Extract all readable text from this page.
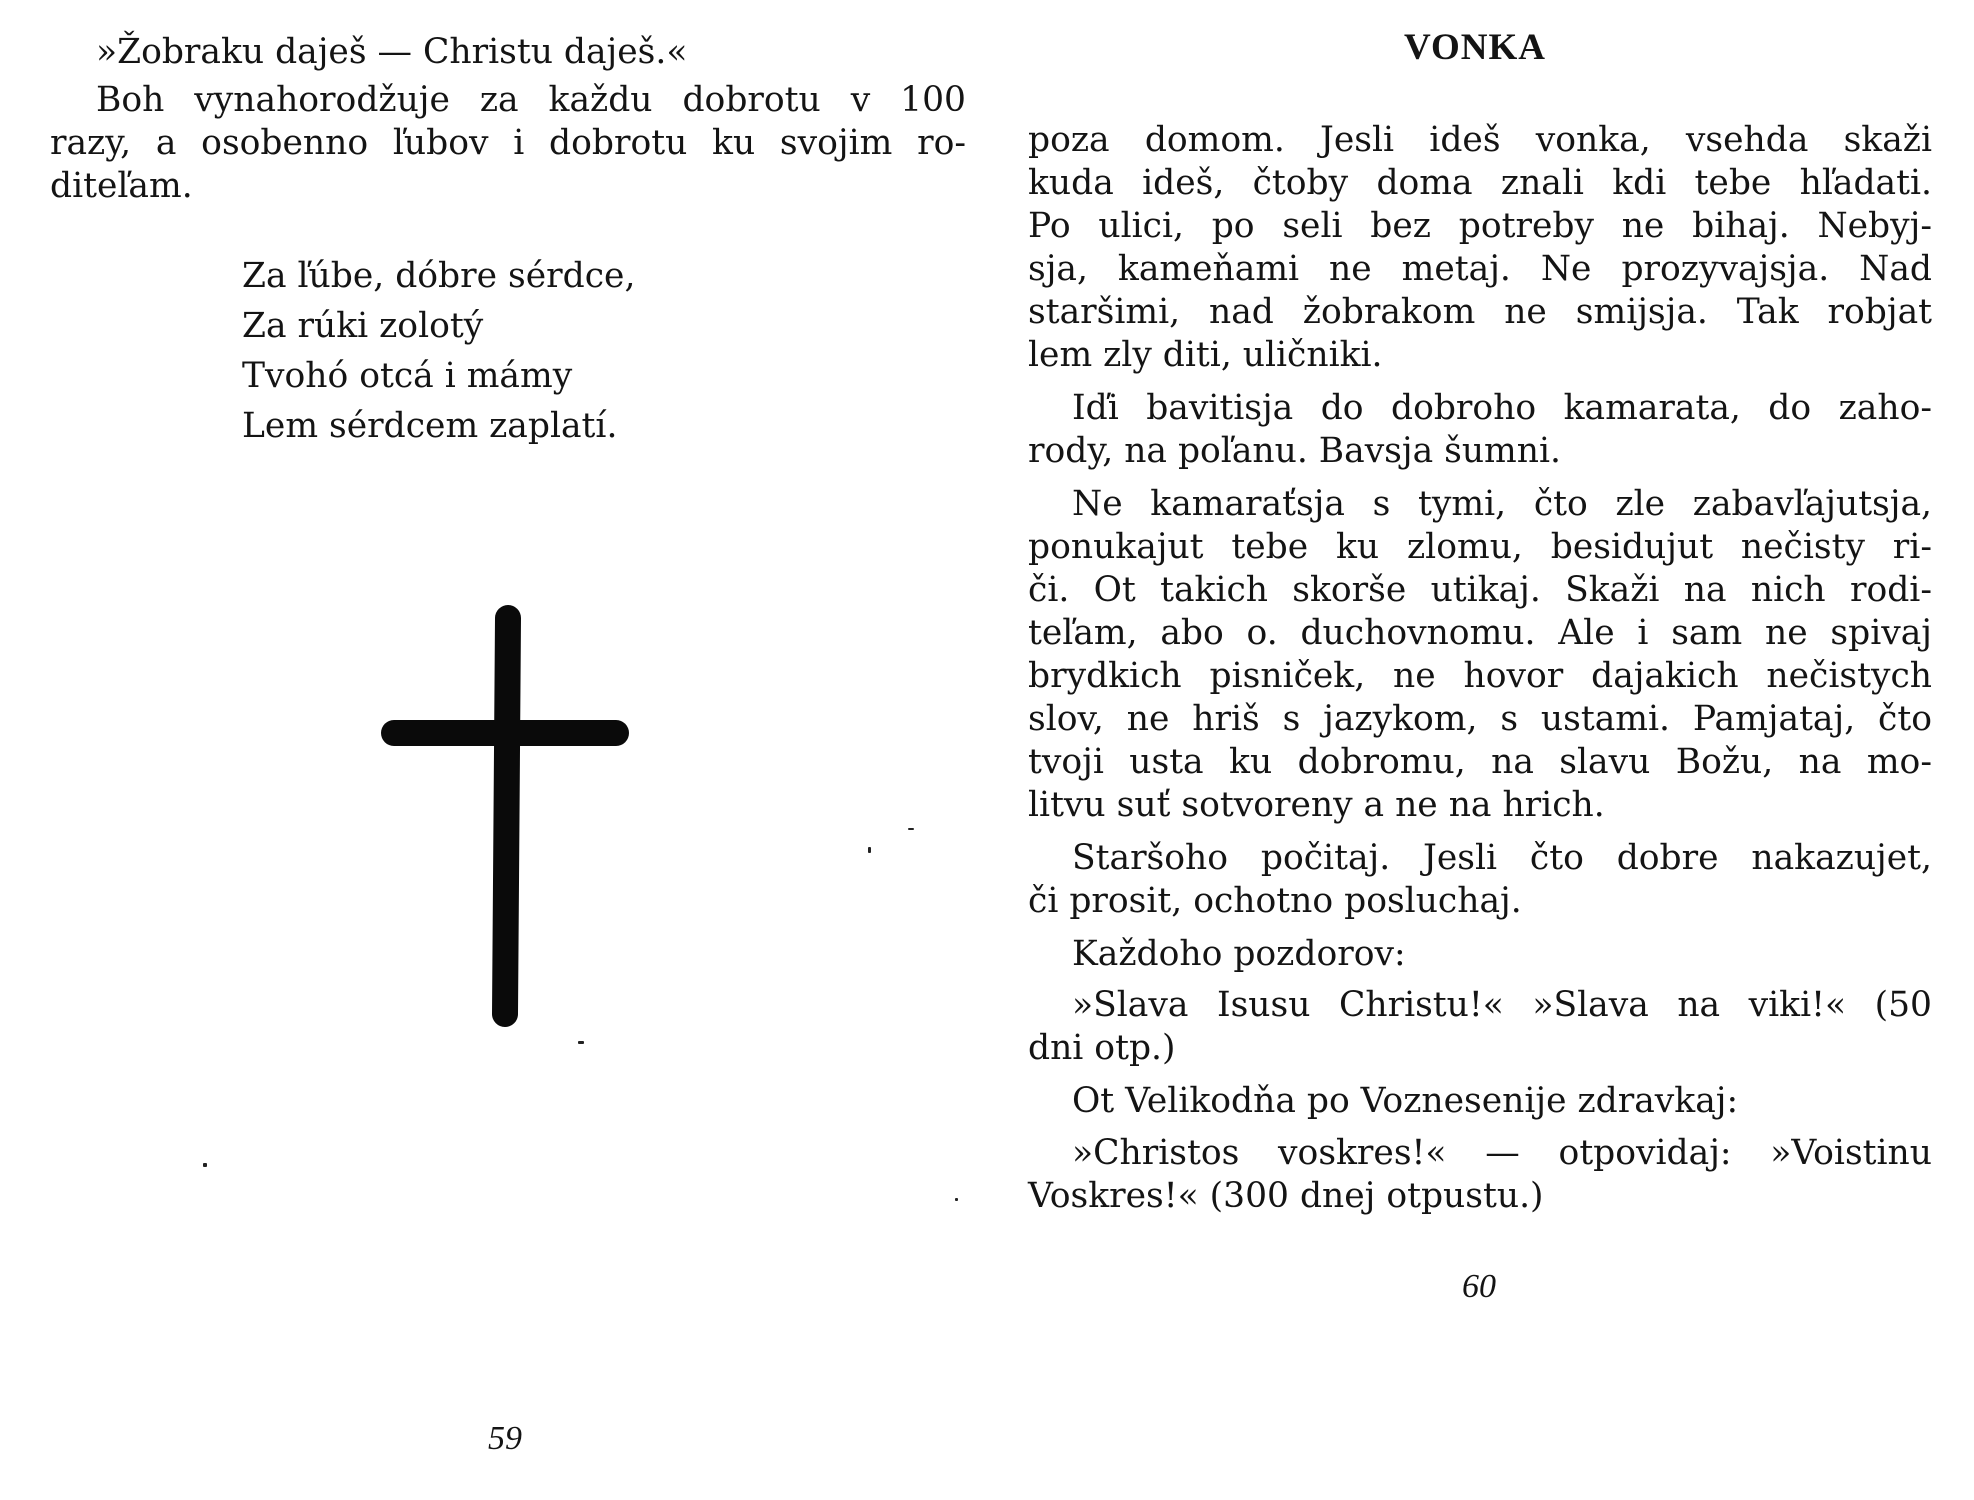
»Žobraku daješ — Christu daješ.«
Boh vynahorodžuje za každu dobrotu v 100
razy, a osobenno ľubov i dobrotu ku svojim ro-
diteľam.
Za ľúbe, dóbre sérdce,
Za rúki zolotý
Tvohó otcá i mámy
Lem sérdcem zaplatí.
59
VONKA
poza domom. Jesli ideš vonka, vsehda skaži
kuda ideš, čtoby doma znali kdi tebe hľadati.
Po ulici, po seli bez potreby ne bihaj. Nebyj-
sja, kameňami ne metaj. Ne prozyvajsja. Nad
staršimi, nad žobrakom ne smijsja. Tak robjat
lem zly diti, uličniki.
Iďi bavitisja do dobroho kamarata, do zaho-
rody, na poľanu. Bavsja šumni.
Ne kamaraťsja s tymi, čto zle zabavľajutsja,
ponukajut tebe ku zlomu, besidujut nečisty ri-
či. Ot takich skorše utikaj. Skaži na nich rodi-
teľam, abo o. duchovnomu. Ale i sam ne spivaj
brydkich pisniček, ne hovor dajakich nečistych
slov, ne hriš s jazykom, s ustami. Pamjataj, čto
tvoji usta ku dobromu, na slavu Božu, na mo-
litvu suť sotvoreny a ne na hrich.
Staršoho počitaj. Jesli čto dobre nakazujet,
či prosit, ochotno posluchaj.
Každoho pozdorov:
»Slava Isusu Christu!« »Slava na viki!« (50
dni otp.)
Ot Velikodňa po Voznesenije zdravkaj:
»Christos voskres!« — otpovidaj: »Voistinu
Voskres!« (300 dnej otpustu.)
60
